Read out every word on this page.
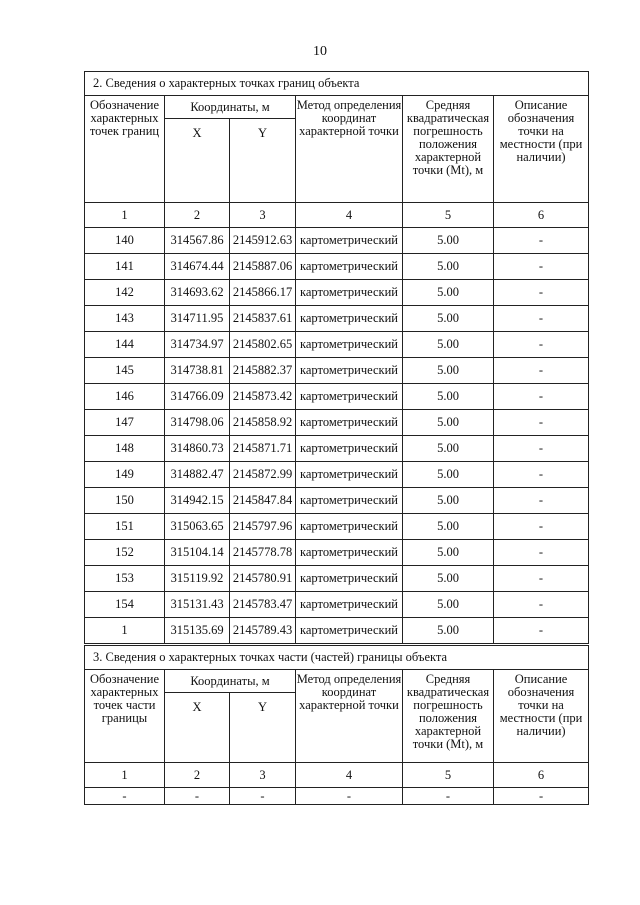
10
2. Сведения о характерных точках границ объекта					
Обозначение характерных точек границ	Координаты, м		Метод определения координат характерной точки	Средняя квадратическая погрешность положения характерной точки (Mt), м	Описание обозначения точки на местности (при наличии)
	X	Y			
1	2	3	4	5	6
140	314567.86	2145912.63	картометрический	5.00	-
141	314674.44	2145887.06	картометрический	5.00	-
142	314693.62	2145866.17	картометрический	5.00	-
143	314711.95	2145837.61	картометрический	5.00	-
144	314734.97	2145802.65	картометрический	5.00	-
145	314738.81	2145882.37	картометрический	5.00	-
146	314766.09	2145873.42	картометрический	5.00	-
147	314798.06	2145858.92	картометрический	5.00	-
148	314860.73	2145871.71	картометрический	5.00	-
149	314882.47	2145872.99	картометрический	5.00	-
150	314942.15	2145847.84	картометрический	5.00	-
151	315063.65	2145797.96	картометрический	5.00	-
152	315104.14	2145778.78	картометрический	5.00	-
153	315119.92	2145780.91	картометрический	5.00	-
154	315131.43	2145783.47	картометрический	5.00	-
1	315135.69	2145789.43	картометрический	5.00	-
3. Сведения о характерных точках части (частей) границы объекта					
Обозначение характерных точек части границы	Координаты, м		Метод определения координат характерной точки	Средняя квадратическая погрешность положения характерной точки (Mt), м	Описание обозначения точки на местности (при наличии)
	X	Y			
1	2	3	4	5	6
-	-	-	-	-	-
